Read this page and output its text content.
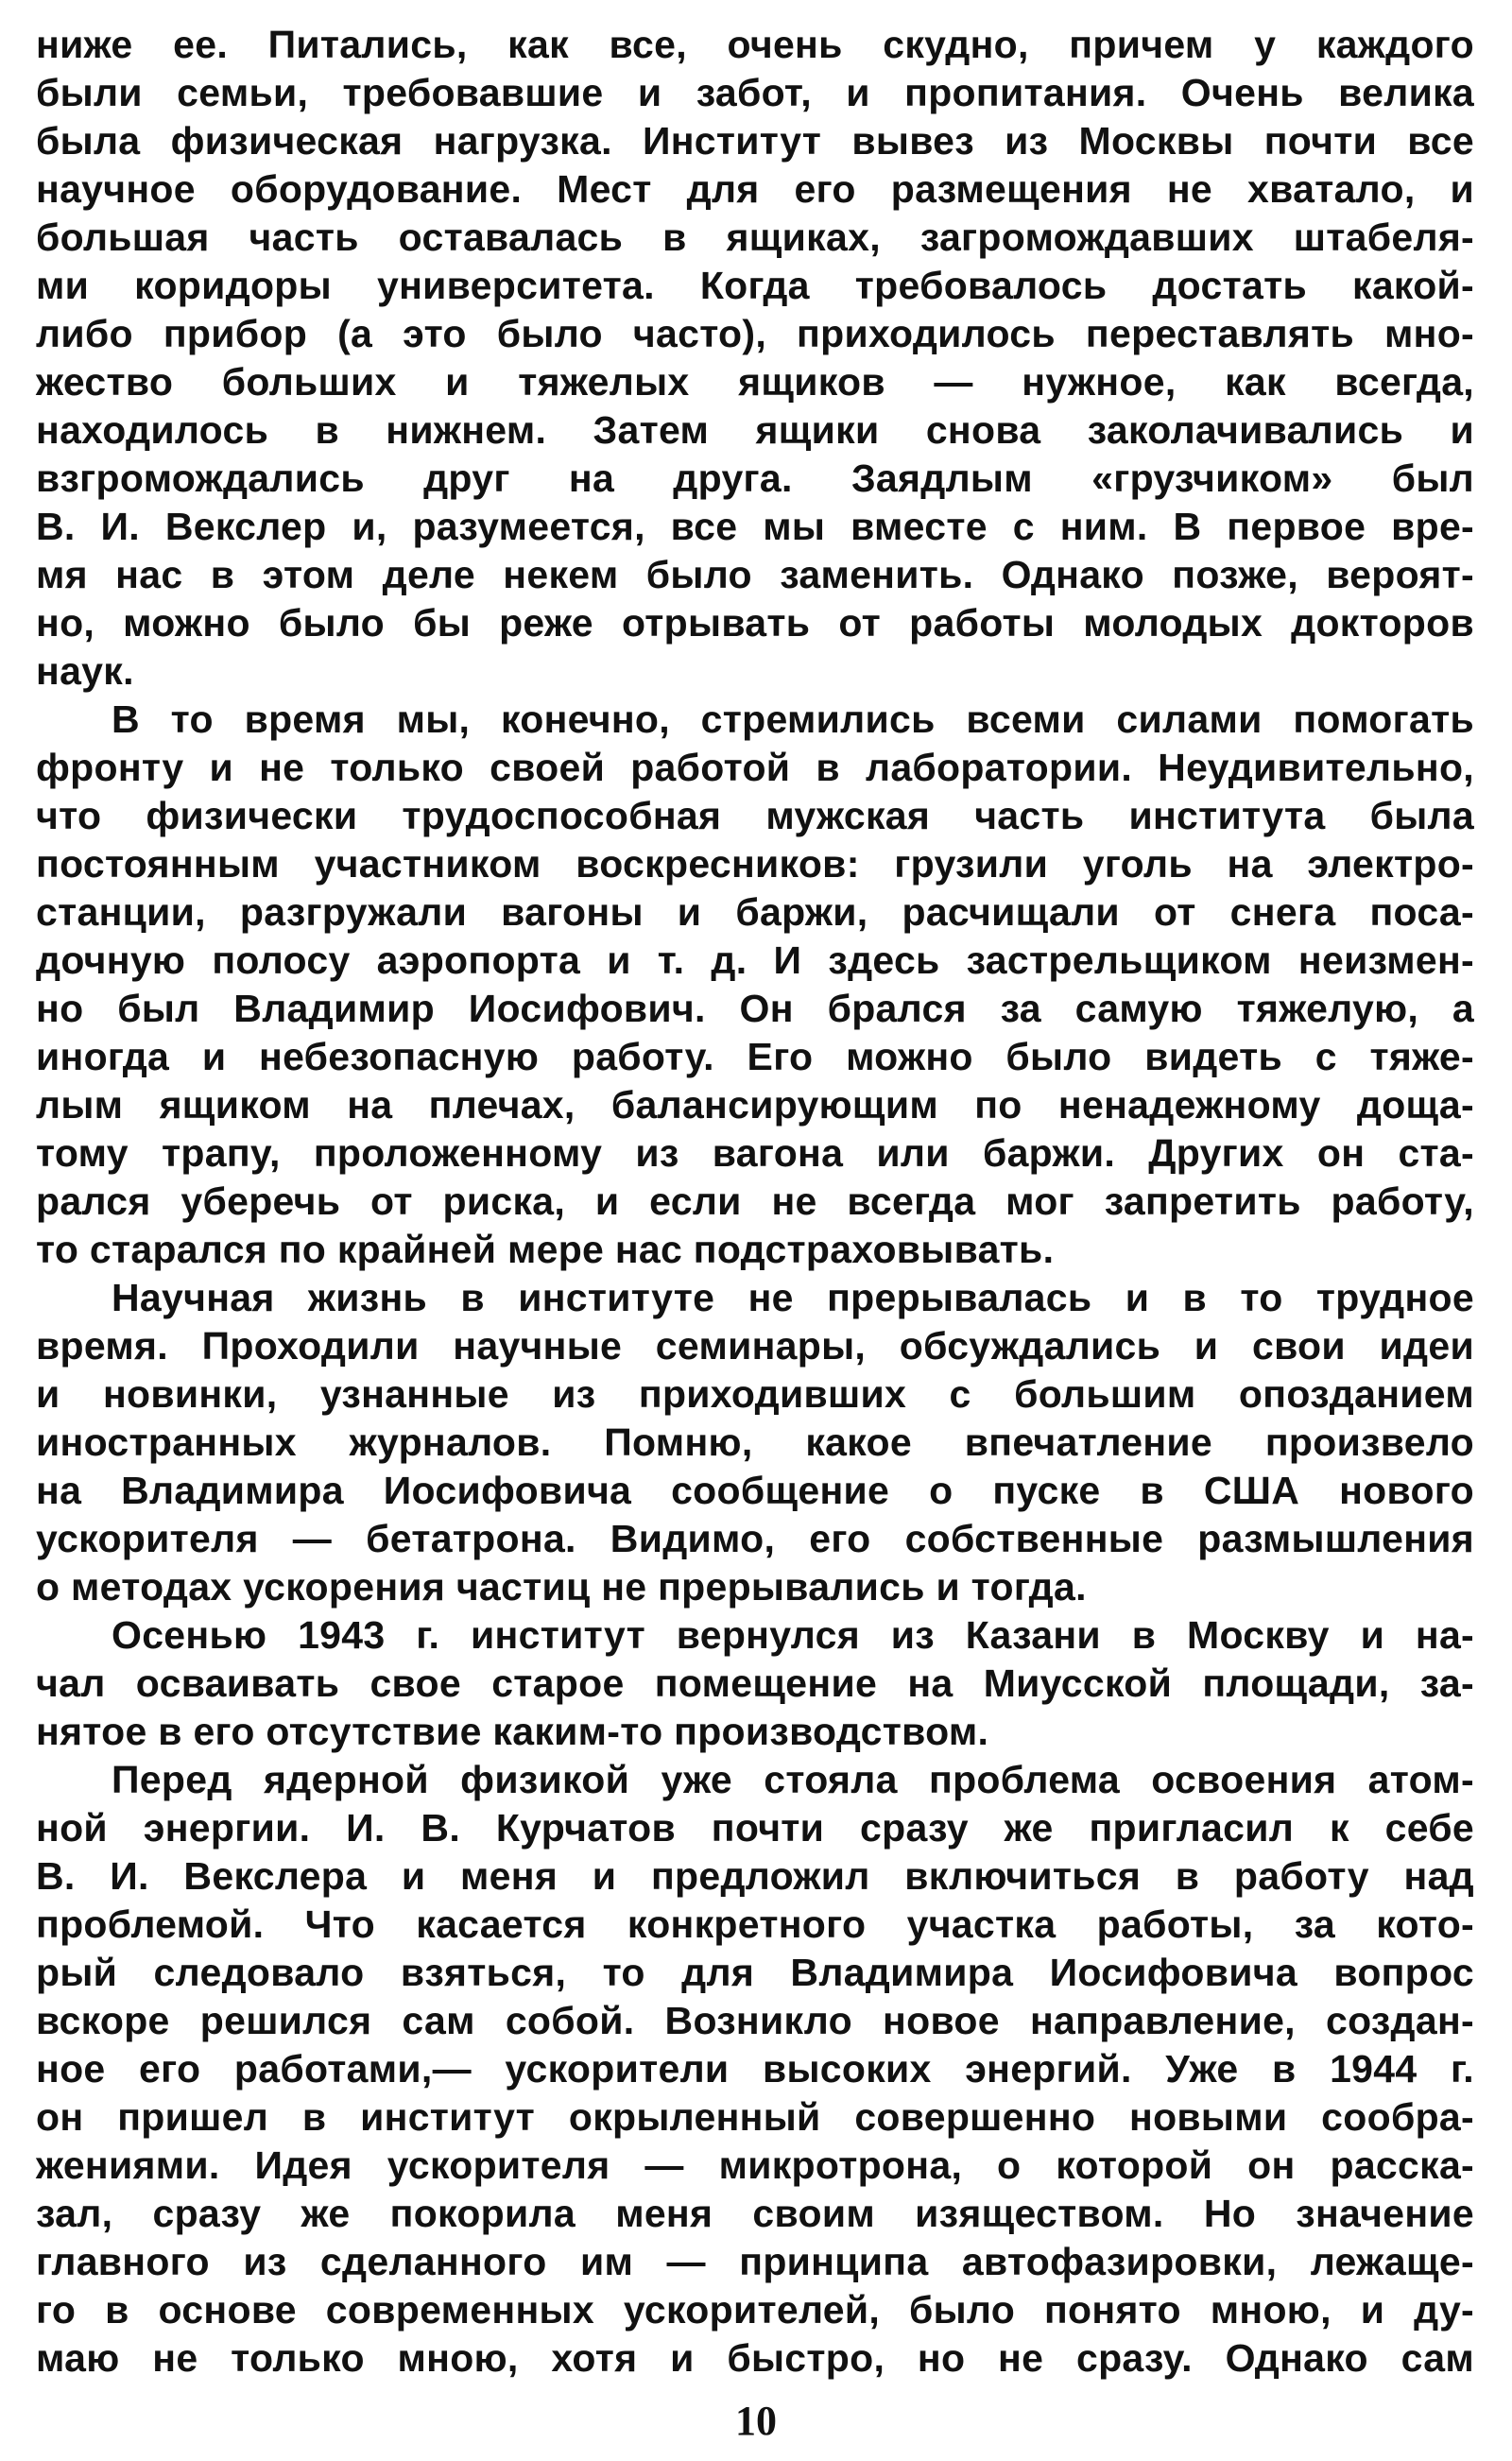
ниже ее. Питались, как все, очень скудно, причем у каждого
были семьи, требовавшие и забот, и пропитания. Очень велика
была физическая нагрузка. Институт вывез из Москвы почти все
научное оборудование. Мест для его размещения не хватало, и
большая часть оставалась в ящиках, загромождавших штабеля-
ми коридоры университета. Когда требовалось достать какой-
либо прибор (а это было часто), приходилось переставлять мно-
жество больших и тяжелых ящиков — нужное, как всегда,
находилось в нижнем. Затем ящики снова заколачивались и
взгромождались друг на друга. Заядлым «грузчиком» был
В. И. Векслер и, разумеется, все мы вместе с ним. В первое вре-
мя нас в этом деле некем было заменить. Однако позже, вероят-
но, можно было бы реже отрывать от работы молодых докторов
наук.
В то время мы, конечно, стремились всеми силами помогать
фронту и не только своей работой в лаборатории. Неудивительно,
что физически трудоспособная мужская часть института была
постоянным участником воскресников: грузили уголь на электро-
станции, разгружали вагоны и баржи, расчищали от снега поса-
дочную полосу аэропорта и т. д. И здесь застрельщиком неизмен-
но был Владимир Иосифович. Он брался за самую тяжелую, а
иногда и небезопасную работу. Его можно было видеть с тяже-
лым ящиком на плечах, балансирующим по ненадежному доща-
тому трапу, проложенному из вагона или баржи. Других он ста-
рался уберечь от риска, и если не всегда мог запретить работу,
то старался по крайней мере нас подстраховывать.
Научная жизнь в институте не прерывалась и в то трудное
время. Проходили научные семинары, обсуждались и свои идеи
и новинки, узнанные из приходивших с большим опозданием
иностранных журналов. Помню, какое впечатление произвело
на Владимира Иосифовича сообщение о пуске в США нового
ускорителя — бетатрона. Видимо, его собственные размышления
о методах ускорения частиц не прерывались и тогда.
Осенью 1943 г. институт вернулся из Казани в Москву и на-
чал осваивать свое старое помещение на Миусской площади, за-
нятое в его отсутствие каким-то производством.
Перед ядерной физикой уже стояла проблема освоения атом-
ной энергии. И. В. Курчатов почти сразу же пригласил к себе
В. И. Векслера и меня и предложил включиться в работу над
проблемой. Что касается конкретного участка работы, за кото-
рый следовало взяться, то для Владимира Иосифовича вопрос
вскоре решился сам собой. Возникло новое направление, создан-
ное его работами,— ускорители высоких энергий. Уже в 1944 г.
он пришел в институт окрыленный совершенно новыми сообра-
жениями. Идея ускорителя — микротрона, о которой он расска-
зал, сразу же покорила меня своим изяществом. Но значение
главного из сделанного им — принципа автофазировки, лежаще-
го в основе современных ускорителей, было понято мною, и ду-
маю не только мною, хотя и быстро, но не сразу. Однако сам
10
